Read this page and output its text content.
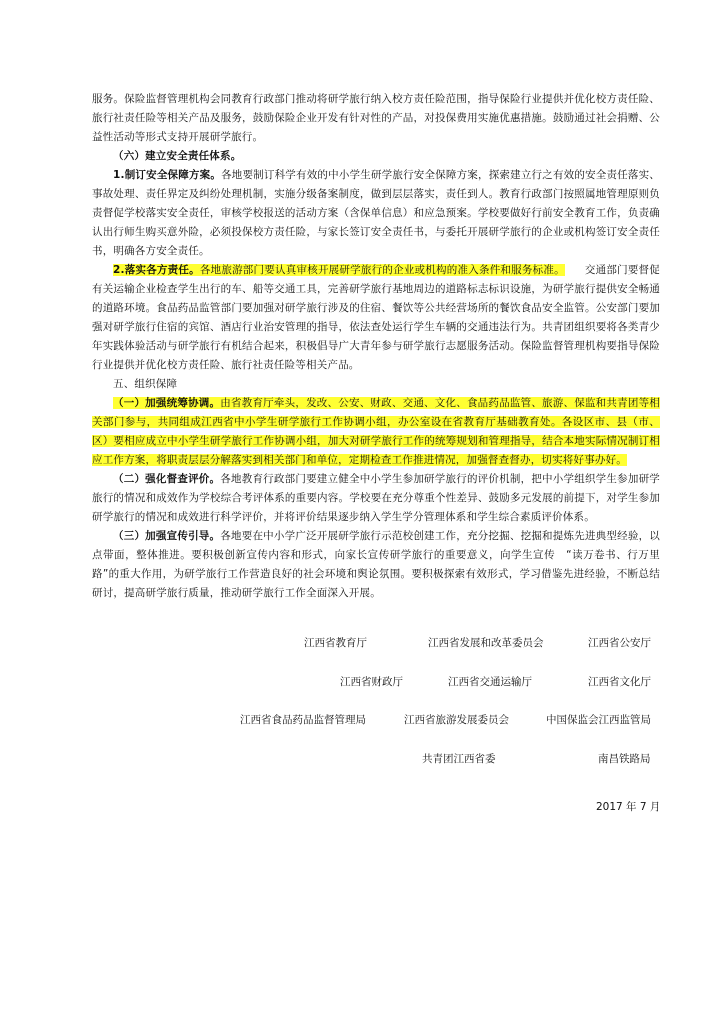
服务。保险监督管理机构会同教育行政部门推动将研学旅行纳入校方责任险范围，指导保险行业提供并优化校方责任险、旅行社责任险等相关产品及服务，鼓励保险企业开发有针对性的产品，对投保费用实施优惠措施。鼓励通过社会捐赠、公益性活动等形式支持开展研学旅行。

（六）建立安全责任体系。

1.制订安全保障方案。各地要制订科学有效的中小学生研学旅行安全保障方案，探索建立行之有效的安全责任落实、事故处理、责任界定及纠纷处理机制，实施分级备案制度，做到层层落实，责任到人。教育行政部门按照属地管理原则负责督促学校落实安全责任，审核学校报送的活动方案（含保单信息）和应急预案。学校要做好行前安全教育工作，负责确认出行师生购买意外险，必须投保校方责任险，与家长签订安全责任书，与委托开展研学旅行的企业或机构签订安全责任书，明确各方安全责任。

2.落实各方责任。各地旅游部门要认真审核开展研学旅行的企业或机构的准入条件和服务标准。 交通部门要督促有关运输企业检查学生出行的车、船等交通工具，完善研学旅行基地周边的道路标志标识设施，为研学旅行提供安全畅通的道路环境。食品药品监管部门要加强对研学旅行涉及的住宿、餐饮等公共经营场所的餐饮食品安全监管。公安部门要加强对研学旅行住宿的宾馆、酒店行业治安管理的指导，依法查处运行学生车辆的交通违法行为。共青团组织要将各类青少年实践体验活动与研学旅行有机结合起来，积极倡导广大青年参与研学旅行志愿服务活动。保险监督管理机构要指导保险行业提供并优化校方责任险、旅行社责任险等相关产品。

五、组织保障

（一）加强统筹协调。由省教育厅牵头，发改、公安、财政、交通、文化、食品药品监管、旅游、保监和共青团等相关部门参与，共同组成江西省中小学生研学旅行工作协调小组，办公室设在省教育厅基础教育处。各设区市、县（市、区）要相应成立中小学生研学旅行工作协调小组，加大对研学旅行工作的统筹规划和管理指导，结合本地实际情况制订相应工作方案，将职责层层分解落实到相关部门和单位，定期检查工作推进情况，加强督查督办，切实将好事办好。

（二）强化督查评价。各地教育行政部门要建立健全中小学生参加研学旅行的评价机制，把中小学组织学生参加研学旅行的情况和成效作为学校综合考评体系的重要内容。学校要在充分尊重个性差异、鼓励多元发展的前提下，对学生参加研学旅行的情况和成效进行科学评价，并将评价结果逐步纳入学生学分管理体系和学生综合素质评价体系。

（三）加强宣传引导。各地要在中小学广泛开展研学旅行示范校创建工作，充分挖掘、挖掘和提炼先进典型经验，以点带面，整体推进。要积极创新宣传内容和形式，向家长宣传研学旅行的重要意义，向学生宣传　“读万卷书、行万里路”的重大作用，为研学旅行工作营造良好的社会环境和舆论氛围。要积极探索有效形式，学习借鉴先进经验，不断总结研讨，提高研学旅行质量，推动研学旅行工作全面深入开展。

江西省教育厅	江西省发展和改革委员会	江西省公安厅
江西省财政厅	江西省交通运输厅	江西省文化厅
江西省食品药品监督管理局	江西省旅游发展委员会	中国保监会江西监管局
共青团江西省委	南昌铁路局
2017 年 7 月
